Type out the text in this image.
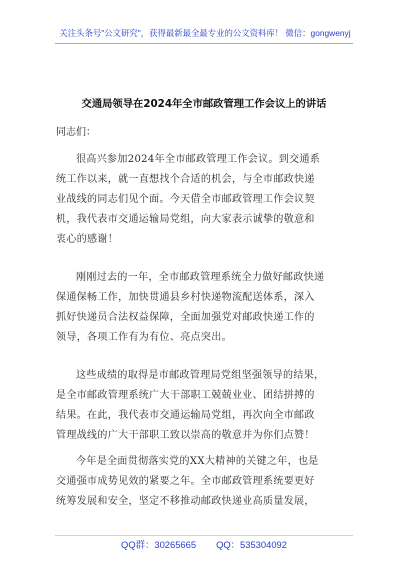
关注头条号"公文研究"，获得最新最全最专业的公文资料库！ 微信：gongwenyj
交通局领导在2024年全市邮政管理工作会议上的讲话
同志们：
很高兴参加2024年全市邮政管理工作会议。到交通系
统工作以来，就一直想找个合适的机会，与全市邮政快递
业战线的同志们见个面。今天借全市邮政管理工作会议契
机，我代表市交通运输局党组，向大家表示诚挚的敬意和
衷心的感谢！
刚刚过去的一年，全市邮政管理系统全力做好邮政快递
保通保畅工作，加快贯通县乡村快递物流配送体系，深入
抓好快递员合法权益保障，全面加强党对邮政快递工作的
领导，各项工作有为有位、亮点突出。
这些成绩的取得是市邮政管理局党组坚强领导的结果，
是全市邮政管理系统广大干部职工兢兢业业、团结拼搏的
结果。在此，我代表市交通运输局党组，再次向全市邮政
管理战线的广大干部职工致以崇高的敬意并为你们点赞！
今年是全面贯彻落实党的XX大精神的关键之年，也是
交通强市成势见效的紧要之年。全市邮政管理系统要更好
统筹发展和安全，坚定不移推动邮政快递业高质量发展，
QQ群：30265665 QQ：535304092
